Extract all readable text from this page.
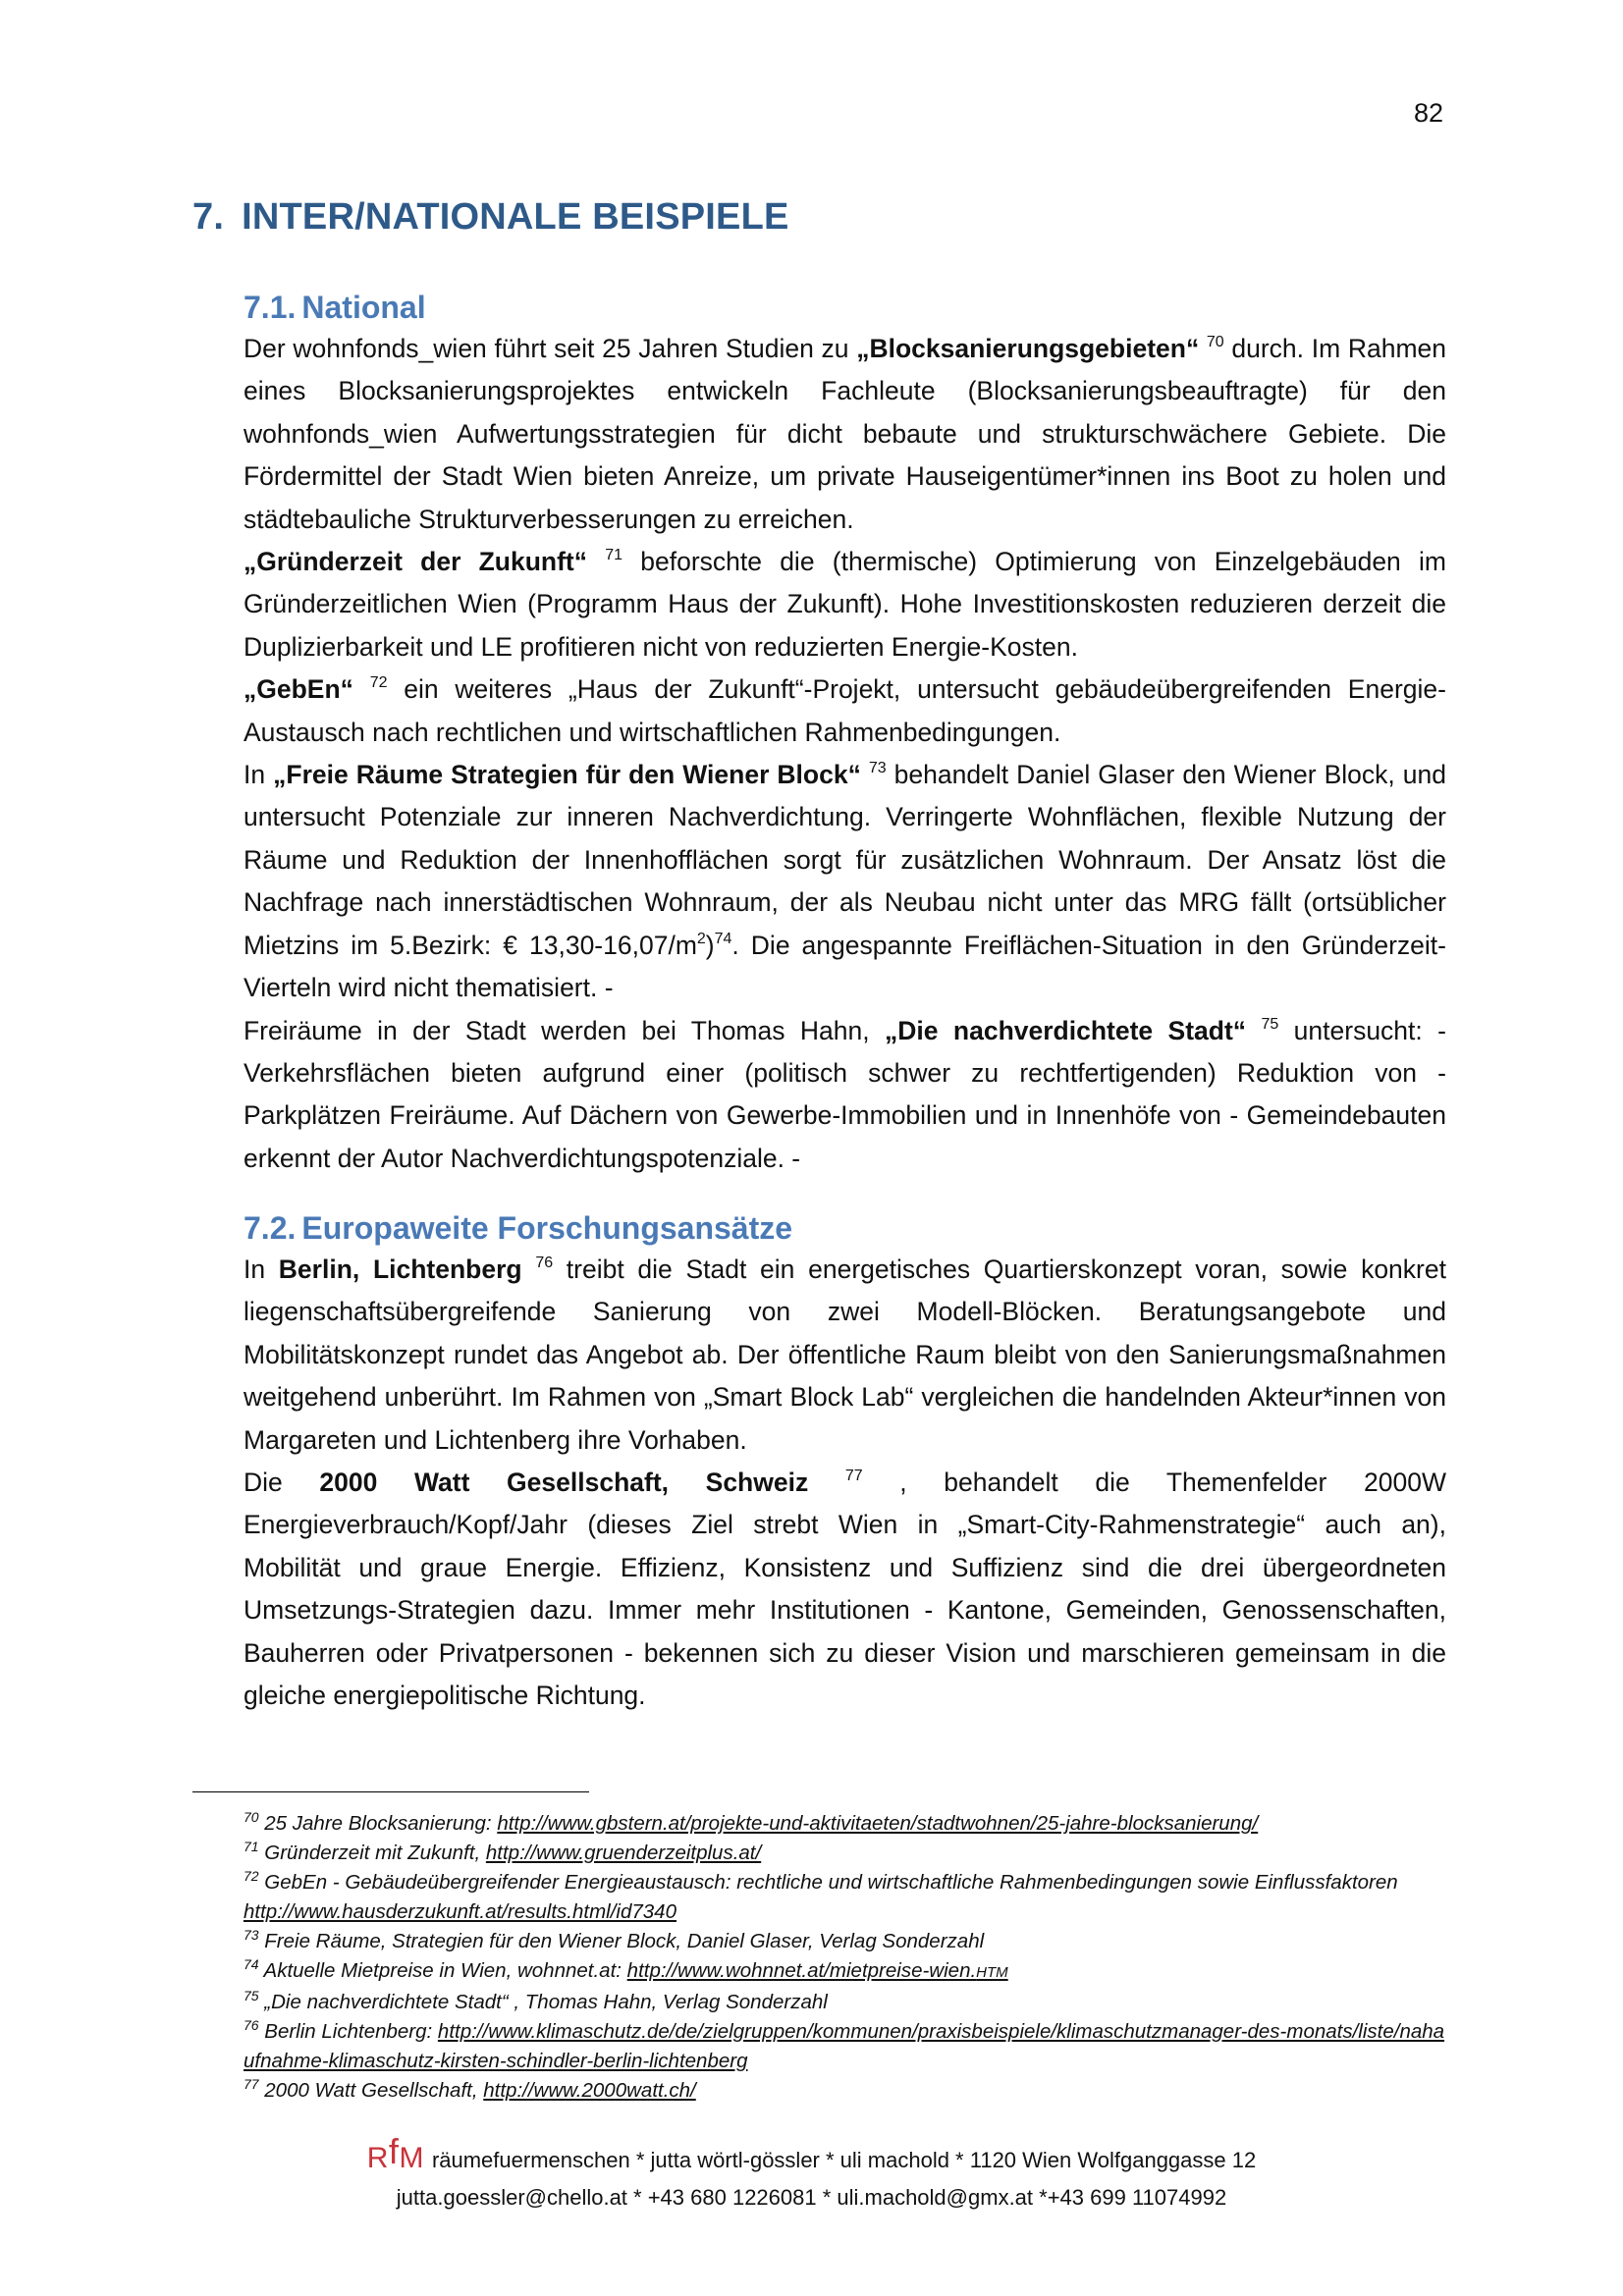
82
7. INTER/NATIONALE BEISPIELE
7.1. National

Der wohnfonds_wien führt seit 25 Jahren Studien zu „Blocksanierungsgebieten“ $^{70}$ durch. Im Rahmen eines Blocksanierungsprojektes entwickeln Fachleute (Blocksanierungsbeauftragte) für den wohnfonds_wien Aufwertungsstrategien für dicht bebaute und strukturschwächere Gebiete. Die Fördermittel der Stadt Wien bieten Anreize, um private Hauseigentümer*innen ins Boot zu holen und städtebauliche Strukturverbesserungen zu erreichen.

„Gründerzeit der Zukunft“ $^{71}$ beforschte die (thermische) Optimierung von Einzelgebäuden im Gründerzeitlichen Wien (Programm Haus der Zukunft). Hohe Investitionskosten reduzieren derzeit die Duplizierbarkeit und LE profitieren nicht von reduzierten Energie-Kosten.

„GebEn“ $^{72}$ ein weiteres „Haus der Zukunft“-Projekt, untersucht gebäudeübergreifenden Energie-Austausch nach rechtlichen und wirtschaftlichen Rahmenbedingungen.

In „Freie Räume Strategien für den Wiener Block“ $^{73}$ behandelt Daniel Glaser den Wiener Block, und untersucht Potenziale zur inneren Nachverdichtung. Verringerte Wohnflächen, flexible Nutzung der Räume und Reduktion der Innenhofflächen sorgt für zusätzlichen Wohnraum. Der Ansatz löst die Nachfrage nach innerstädtischen Wohnraum, der als Neubau nicht unter das MRG fällt (ortsüblicher Mietzins im 5.Bezirk: € $13,30-16,07/m^2)^{74}$. Die angespannte Freiflächen-Situation in den Gründerzeit-Vierteln wird nicht thematisiert. -

Freiräume in der Stadt werden bei Thomas Hahn, „Die nachverdichtete Stadt“ $^{75}$ untersucht: - Verkehrsflächen bieten aufgrund einer (politisch schwer zu rechtfertigenden) Reduktion von - Parkplätzen Freiräume. Auf Dächern von Gewerbe-Immobilien und in Innenhöfe von - Gemeindebauten erkennt der Autor Nachverdichtungspotenziale. -

7.2. Europaweite Forschungsansätze

In Berlin, Lichtenberg $^{76}$ treibt die Stadt ein energetisches Quartierskonzept voran, sowie konkret liegenschaftsübergreifende Sanierung von zwei Modell-Blöcken. Beratungsangebote und Mobilitätskonzept rundet das Angebot ab. Der öffentliche Raum bleibt von den Sanierungsmaßnahmen weitgehend unberührt. Im Rahmen von „Smart Block Lab“ vergleichen die handelnden Akteur*innen von Margareten und Lichtenberg ihre Vorhaben.

Die 2000 Watt Gesellschaft, Schweiz $^{77}$ , behandelt die Themenfelder 2000W Energieverbrauch/Kopf/Jahr (dieses Ziel strebt Wien in „Smart-City-Rahmenstrategie“ auch an), Mobilität und graue Energie. Effizienz, Konsistenz und Suffizienz sind die drei übergeordneten Umsetzungs-Strategien dazu. Immer mehr Institutionen - Kantone, Gemeinden, Genossenschaften, Bauherren oder Privatpersonen - bekennen sich zu dieser Vision und marschieren gemeinsam in die gleiche energiepolitische Richtung.

$^{70}$ 25 Jahre Blocksanierung: http://www.gbstern.at/projekte-und-aktivitaeten/stadtwohnen/25-jahre-blocksanierung/

$^{71}$ Gründerzeit mit Zukunft, http://www.gruenderzeitplus.at/

$^{72}$ GebEn - Gebäudeübergreifender Energieaustausch: rechtliche und wirtschaftliche Rahmenbedingungen sowie Einflussfaktoren http://www.hausderzukunft.at/results.html/id7340

$^{73}$ Freie Räume, Strategien für den Wiener Block, Daniel Glaser, Verlag Sonderzahl

$^{74}$ Aktuelle Mietpreise in Wien, wohnnet.at: http://www.wohnnet.at/mietpreise-wien.HTM

$^{75}$ „Die nachverdichtete Stadt“ , Thomas Hahn, Verlag Sonderzahl

$^{76}$ Berlin Lichtenberg: http://www.klimaschutz.de/de/zielgruppen/kommunen/praxisbeispiele/klimaschutzmanager-des-monats/liste/nahaufnahme-klimaschutz-kirsten-schindler-berlin-lichtenberg

$^{77}$ 2000 Watt Gesellschaft, http://www.2000watt.ch/

RfM räumefuermenschen * jutta wörtl-gössler * uli machold * 1120 Wien Wolfganggasse 12
jutta.goessler@chello.at * +43 680 1226081 * uli.machold@gmx.at *+43 699 11074992
